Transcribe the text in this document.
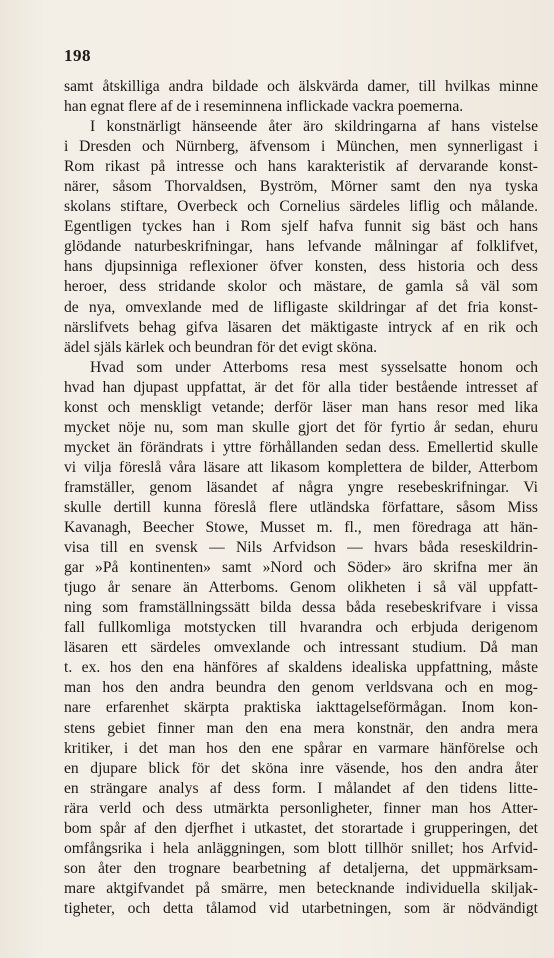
198
samt åtskilliga andra bildade och älskvärda damer, till hvilkas minne
han egnat flere af de i reseminnena inflickade vackra poemerna.
I konstnärligt hänseende åter äro skildringarna af hans vistelse
i Dresden och Nürnberg, äfvensom i München, men synnerligast i
Rom rikast på intresse och hans karakteristik af dervarande konst-
närer, såsom Thorvaldsen, Byström, Mörner samt den nya tyska
skolans stiftare, Overbeck och Cornelius särdeles liflig och målande.
Egentligen tyckes han i Rom sjelf hafva funnit sig bäst och hans
glödande naturbeskrifningar, hans lefvande målningar af folklifvet,
hans djupsinniga reflexioner öfver konsten, dess historia och dess
heroer, dess stridande skolor och mästare, de gamla så väl som
de nya, omvexlande med de lifligaste skildringar af det fria konst-
närslifvets behag gifva läsaren det mäktigaste intryck af en rik och
ädel själs kärlek och beundran för det evigt sköna.
Hvad som under Atterboms resa mest sysselsatte honom och
hvad han djupast uppfattat, är det för alla tider bestående intresset af
konst och menskligt vetande; derför läser man hans resor med lika
mycket nöje nu, som man skulle gjort det för fyrtio år sedan, ehuru
mycket än förändrats i yttre förhållanden sedan dess. Emellertid skulle
vi vilja föreslå våra läsare att likasom komplettera de bilder, Atterbom
framställer, genom läsandet af några yngre resebeskrifningar. Vi
skulle dertill kunna föreslå flere utländska författare, såsom Miss
Kavanagh, Beecher Stowe, Musset m. fl., men föredraga att hän-
visa till en svensk — Nils Arfvidson — hvars båda reseskildrin-
gar »På kontinenten» samt »Nord och Söder» äro skrifna mer än
tjugo år senare än Atterboms. Genom olikheten i så väl uppfatt-
ning som framställningssätt bilda dessa båda resebeskrifvare i vissa
fall fullkomliga motstycken till hvarandra och erbjuda derigenom
läsaren ett särdeles omvexlande och intressant studium. Då man
t. ex. hos den ena hänföres af skaldens idealiska uppfattning, måste
man hos den andra beundra den genom verldsvana och en mog-
nare erfarenhet skärpta praktiska iakttagelseförmågan. Inom kon-
stens gebiet finner man den ena mera konstnär, den andra mera
kritiker, i det man hos den ene spårar en varmare hänförelse och
en djupare blick för det sköna inre väsende, hos den andra åter
en strängare analys af dess form. I målandet af den tidens litte-
rära verld och dess utmärkta personligheter, finner man hos Atter-
bom spår af den djerfhet i utkastet, det storartade i grupperingen, det
omfångsrika i hela anläggningen, som blott tillhör snillet; hos Arfvid-
son åter den trognare bearbetning af detaljerna, det uppmärksam-
mare aktgifvandet på smärre, men betecknande individuella skiljak-
tigheter, och detta tålamod vid utarbetningen, som är nödvändigt
